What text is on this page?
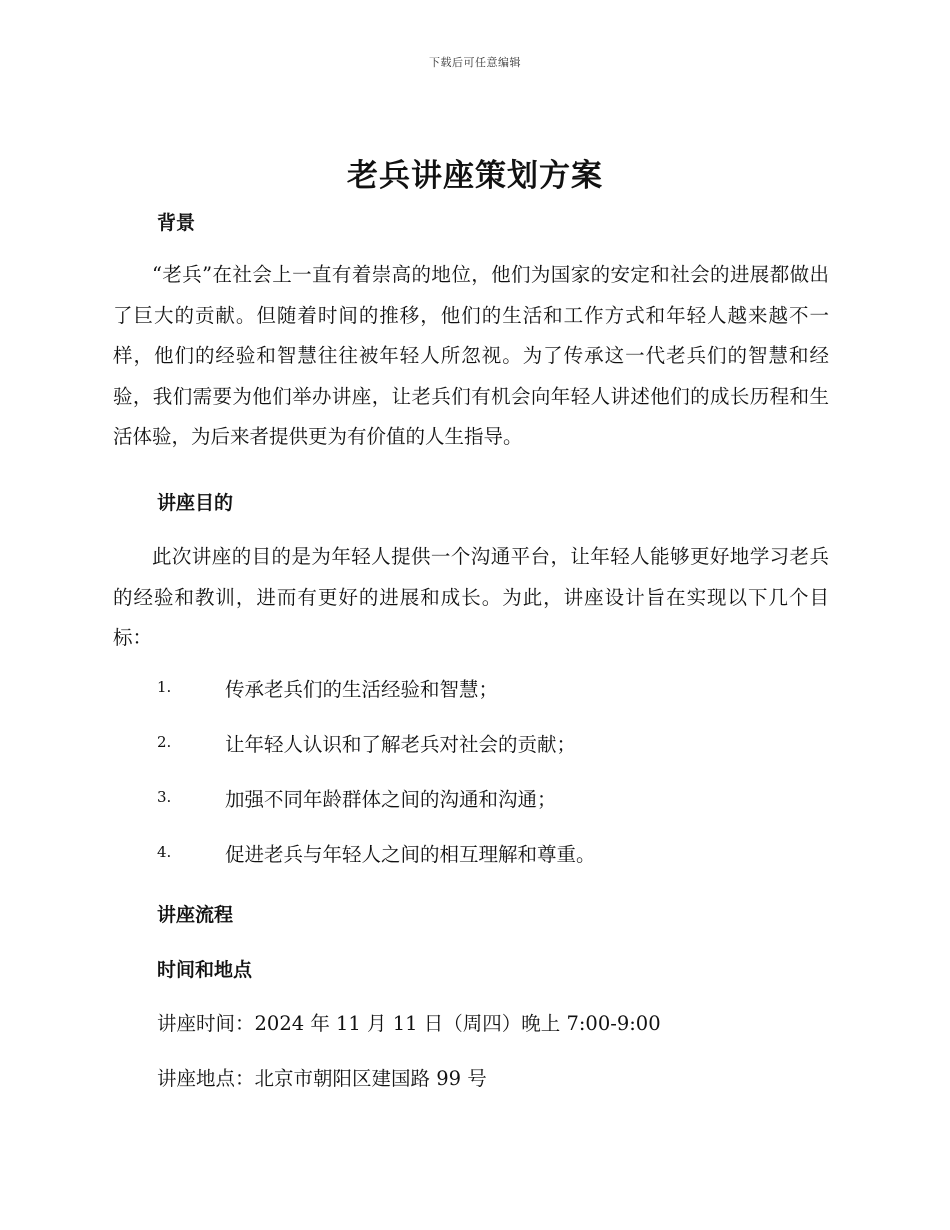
下载后可任意编辑
老兵讲座策划方案
背景

“老兵”在社会上一直有着崇高的地位，他们为国家的安定和社会的进展都做出了巨大的贡献。但随着时间的推移，他们的生活和工作方式和年轻人越来越不一样，他们的经验和智慧往往被年轻人所忽视。为了传承这一代老兵们的智慧和经验，我们需要为他们举办讲座，让老兵们有机会向年轻人讲述他们的成长历程和生活体验，为后来者提供更为有价值的人生指导。

讲座目的

此次讲座的目的是为年轻人提供一个沟通平台，让年轻人能够更好地学习老兵的经验和教训，进而有更好的进展和成长。为此，讲座设计旨在实现以下几个目标：

1.	传承老兵们的生活经验和智慧；
2.	让年轻人认识和了解老兵对社会的贡献；
3.	加强不同年龄群体之间的沟通和沟通；
4.	促进老兵与年轻人之间的相互理解和尊重。
讲座流程
时间和地点

讲座时间：2024 年 11 月 11 日（周四）晚上 7:00-9:00

讲座地点：北京市朝阳区建国路 99 号
